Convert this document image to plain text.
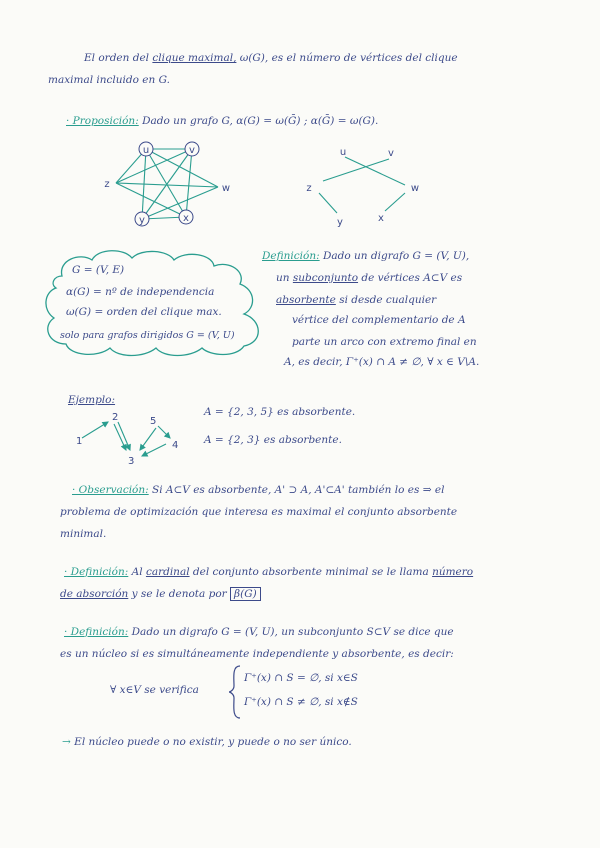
El orden del clique maximal, ω(G), es el número de vértices del clique
maximal incluido en G.
· Proposición: Dado un grafo G, α(G) = ω(Ḡ) ; α(Ḡ) = ω(G).
u	v
z	w
y	x
u	v
z	w
y	x
G = (V, E)
α(G) = nº de independencia
ω(G) = orden del clique max.
solo para grafos dirigidos G = (V, U)
Definición: Dado un digrafo G = (V, U),
un subconjunto de vértices A⊂V es
absorbente si desde cualquier
vértice del complementario de A
parte un arco con extremo final en
A, es decir, Γ⁺(x) ∩ A ≠ ∅, ∀ x ∈ V\A.
Ejemplo:
1
2
3
4
5
A = {2, 3, 5} es absorbente.
A = {2, 3} es absorbente.
· Observación: Si A⊂V es absorbente, A' ⊃ A, A'⊂A' también lo es ⇒ el
problema de optimización que interesa es maximal el conjunto absorbente
minimal.
· Definición: Al cardinal del conjunto absorbente minimal se le llama número
de absorción y se le denota por β(G)
· Definición: Dado un digrafo G = (V, U), un subconjunto S⊂V se dice que
es un núcleo si es simultáneamente independiente y absorbente, es decir:
∀ x∈V se verifica
Γ⁺(x) ∩ S = ∅, si x∈S
Γ⁺(x) ∩ S ≠ ∅, si x∉S
→ El núcleo puede o no existir, y puede o no ser único.
